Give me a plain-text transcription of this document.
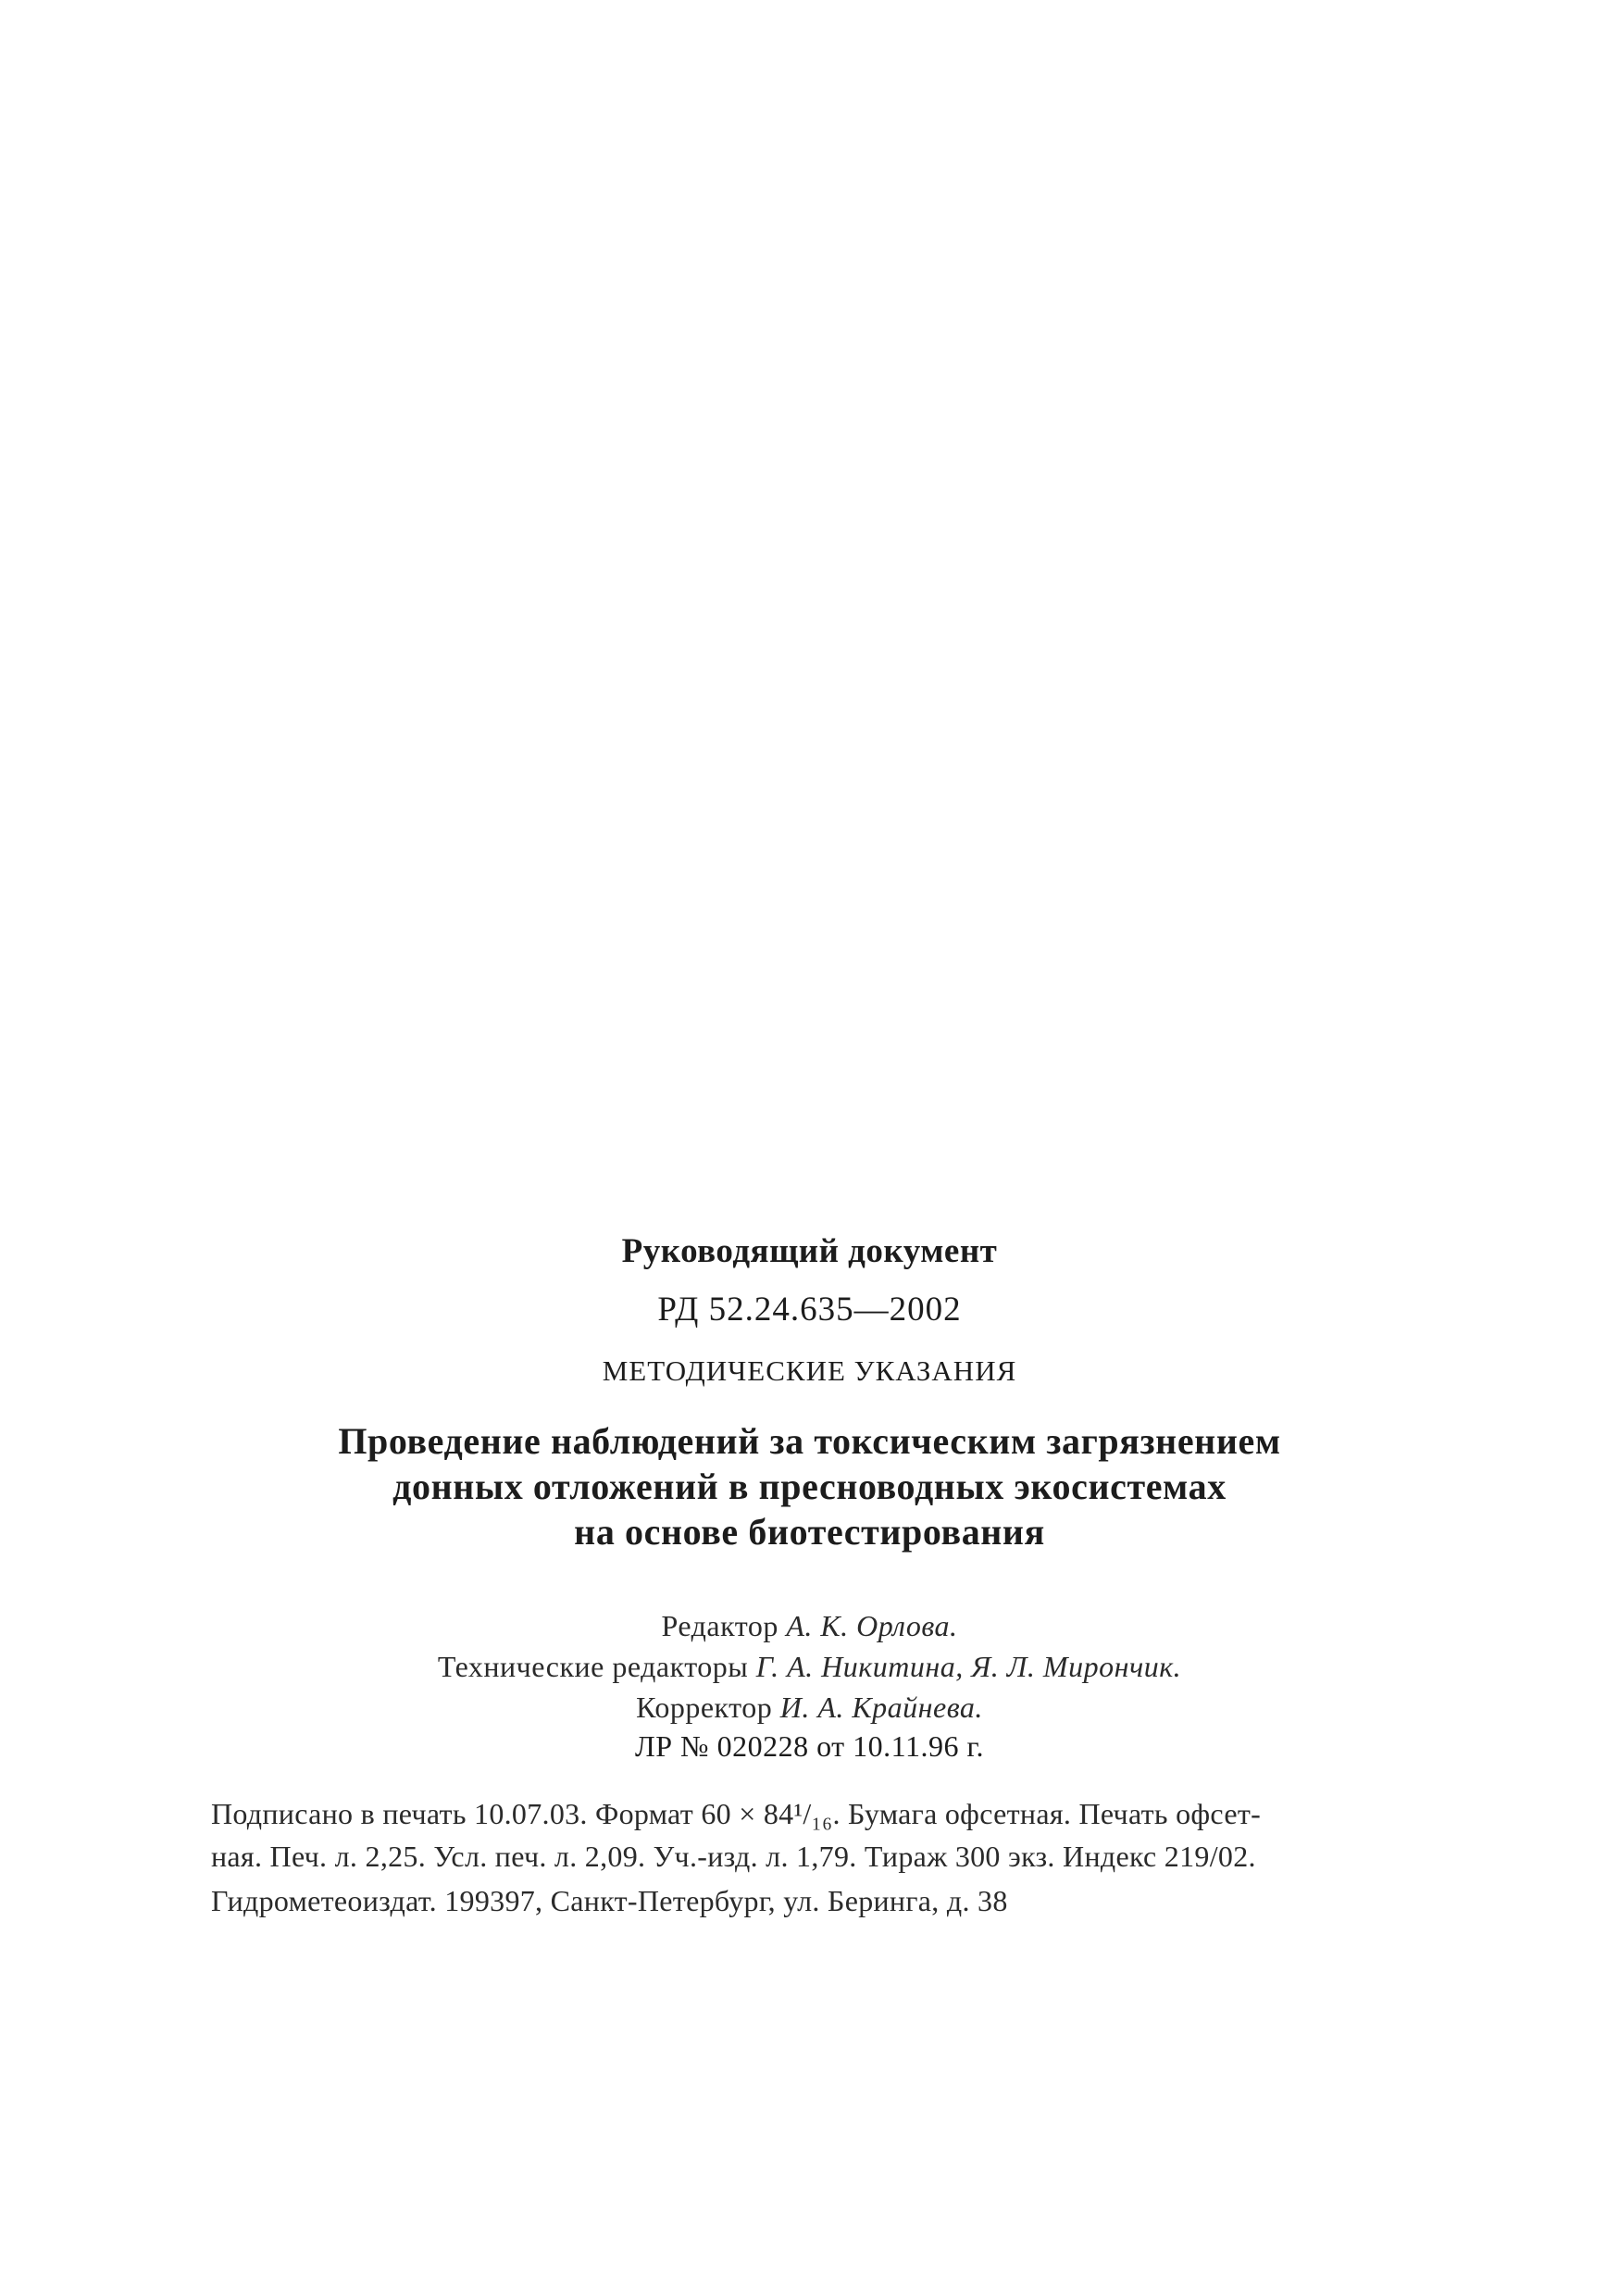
Руководящий документ
РД 52.24.635—2002
МЕТОДИЧЕСКИЕ УКАЗАНИЯ
Проведение наблюдений за токсическим загрязнением
донных отложений в пресноводных экосистемах
на основе биотестирования
Редактор А. К. Орлова.
Технические редакторы Г. А. Никитина, Я. Л. Мирончик.
Корректор И. А. Крайнева.
ЛР № 020228 от 10.11.96 г.
Подписано в печать 10.07.03. Формат 60 × 84¹/₁₆. Бумага офсетная. Печать офсет-
ная. Печ. л. 2,25. Усл. печ. л. 2,09. Уч.-изд. л. 1,79. Тираж 300 экз. Индекс 219/02.
Гидрометеоиздат. 199397, Санкт-Петербург, ул. Беринга, д. 38
